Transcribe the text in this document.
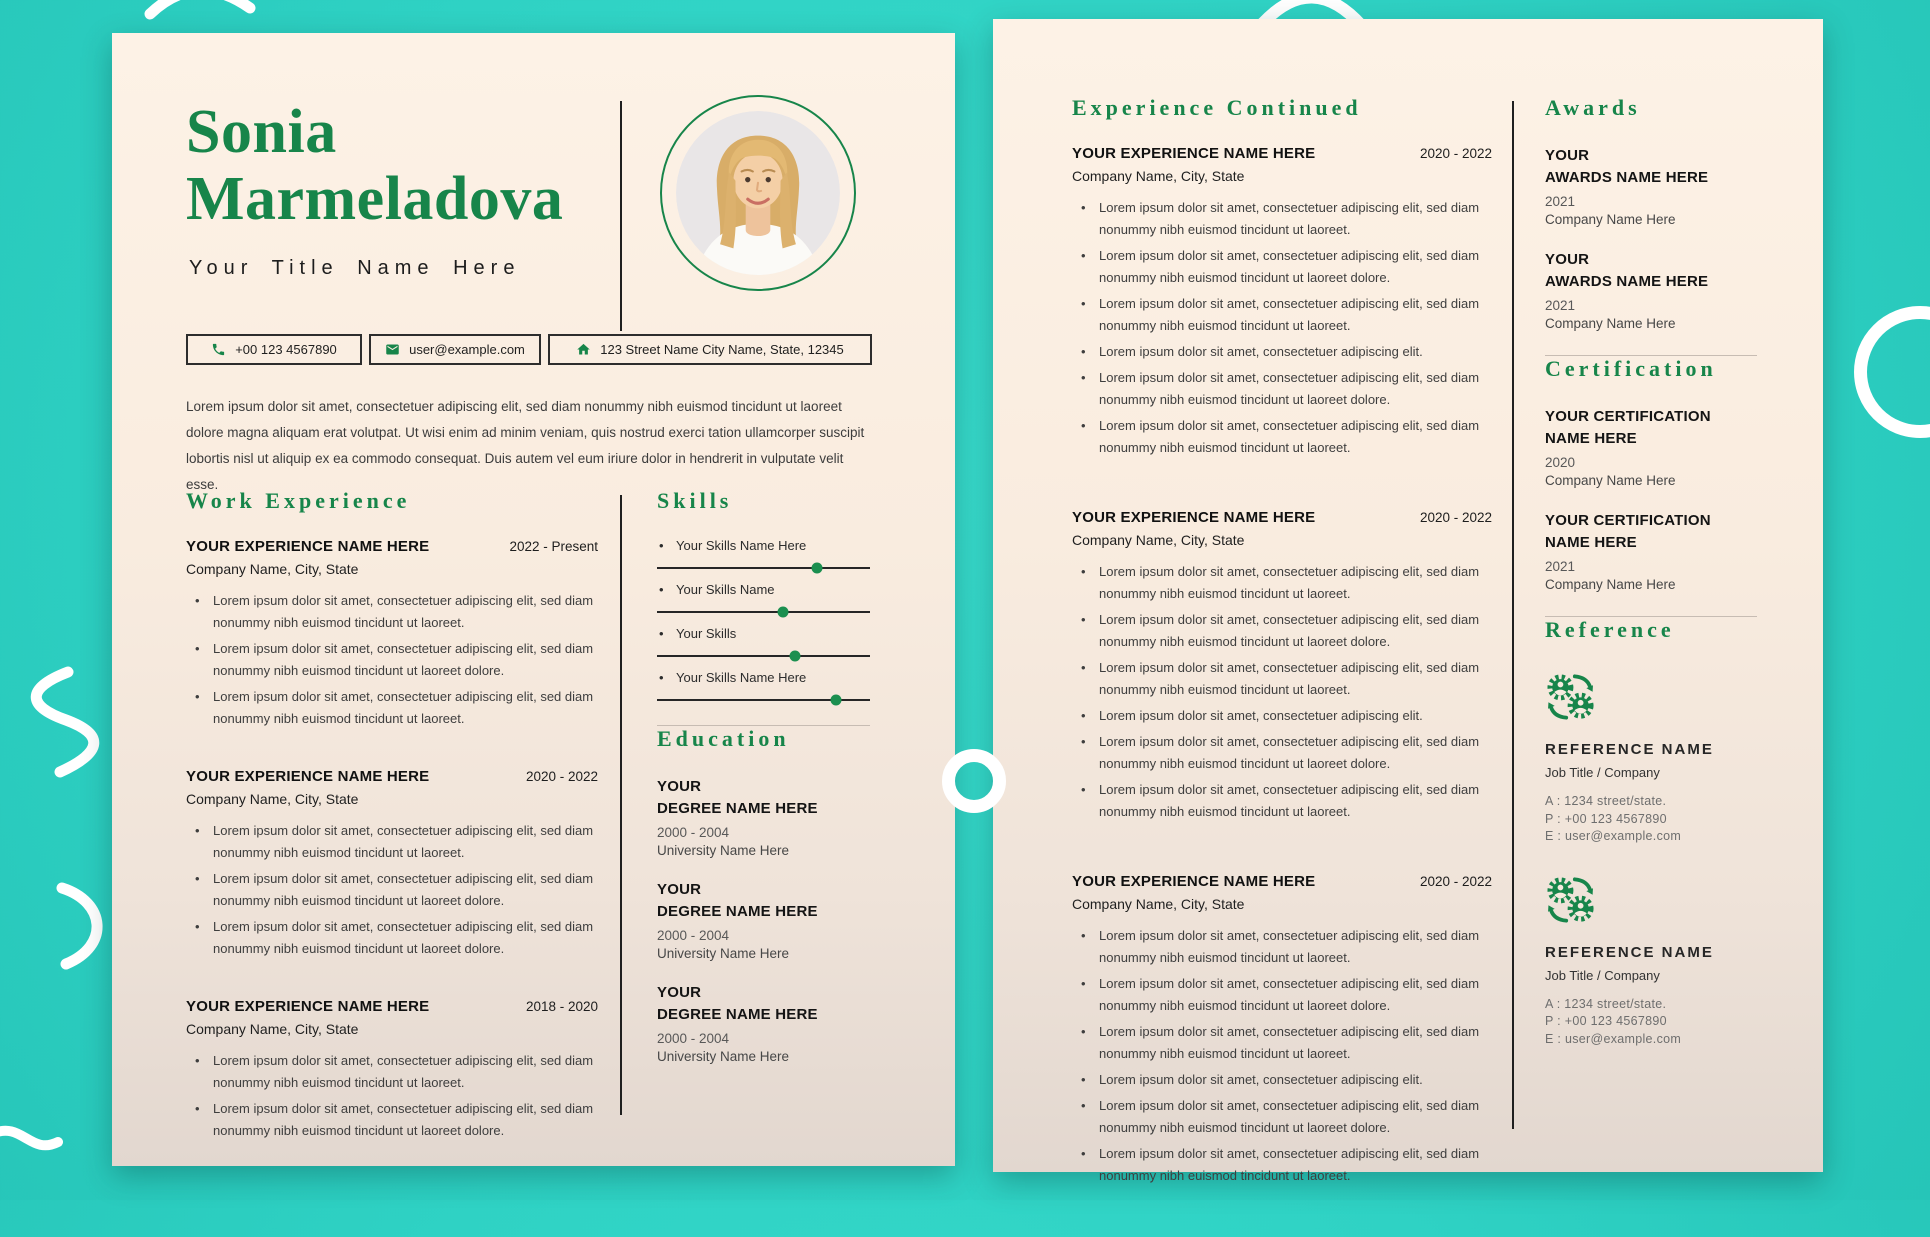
Sonia Marmeladova
Your Title Name Here
+00 123 4567890	user@example.com	123 Street Name City Name, State, 12345

Lorem ipsum dolor sit amet, consectetuer adipiscing elit, sed diam nonummy nibh euismod tincidunt ut laoreet dolore magna aliquam erat volutpat. Ut wisi enim ad minim veniam, quis nostrud exerci tation ullamcorper suscipit lobortis nisl ut aliquip ex ea commodo consequat. Duis autem vel eum iriure dolor in hendrerit in vulputate velit esse.

Work Experience
YOUR EXPERIENCE NAME HERE	2022 - Present
Company Name, City, State
• Lorem ipsum dolor sit amet, consectetuer adipiscing elit, sed diam nonummy nibh euismod tincidunt ut laoreet.
• Lorem ipsum dolor sit amet, consectetuer adipiscing elit, sed diam nonummy nibh euismod tincidunt ut laoreet dolore.
• Lorem ipsum dolor sit amet, consectetuer adipiscing elit, sed diam nonummy nibh euismod tincidunt ut laoreet.
YOUR EXPERIENCE NAME HERE	2020 - 2022
Company Name, City, State
• Lorem ipsum dolor sit amet, consectetuer adipiscing elit, sed diam nonummy nibh euismod tincidunt ut laoreet.
• Lorem ipsum dolor sit amet, consectetuer adipiscing elit, sed diam nonummy nibh euismod tincidunt ut laoreet dolore.
• Lorem ipsum dolor sit amet, consectetuer adipiscing elit, sed diam nonummy nibh euismod tincidunt ut laoreet dolore.
YOUR EXPERIENCE NAME HERE	2018 - 2020
Company Name, City, State
• Lorem ipsum dolor sit amet, consectetuer adipiscing elit, sed diam nonummy nibh euismod tincidunt ut laoreet.
• Lorem ipsum dolor sit amet, consectetuer adipiscing elit, sed diam nonummy nibh euismod tincidunt ut laoreet dolore.
Skills
• Your Skills Name Here
• Your Skills Name
• Your Skills
• Your Skills Name Here
Education
YOUR
DEGREE NAME HERE
2000 - 2004
University Name Here
YOUR
DEGREE NAME HERE
2000 - 2004
University Name Here
YOUR
DEGREE NAME HERE
2000 - 2004
University Name Here
Experience Continued
YOUR EXPERIENCE NAME HERE	2020 - 2022
Company Name, City, State
• Lorem ipsum dolor sit amet, consectetuer adipiscing elit, sed diam nonummy nibh euismod tincidunt ut laoreet.
• Lorem ipsum dolor sit amet, consectetuer adipiscing elit, sed diam nonummy nibh euismod tincidunt ut laoreet dolore.
• Lorem ipsum dolor sit amet, consectetuer adipiscing elit, sed diam nonummy nibh euismod tincidunt ut laoreet.
• Lorem ipsum dolor sit amet, consectetuer adipiscing elit.
• Lorem ipsum dolor sit amet, consectetuer adipiscing elit, sed diam nonummy nibh euismod tincidunt ut laoreet dolore.
• Lorem ipsum dolor sit amet, consectetuer adipiscing elit, sed diam nonummy nibh euismod tincidunt ut laoreet.
YOUR EXPERIENCE NAME HERE	2020 - 2022
Company Name, City, State
• Lorem ipsum dolor sit amet, consectetuer adipiscing elit, sed diam nonummy nibh euismod tincidunt ut laoreet.
• Lorem ipsum dolor sit amet, consectetuer adipiscing elit, sed diam nonummy nibh euismod tincidunt ut laoreet dolore.
• Lorem ipsum dolor sit amet, consectetuer adipiscing elit, sed diam nonummy nibh euismod tincidunt ut laoreet.
• Lorem ipsum dolor sit amet, consectetuer adipiscing elit.
• Lorem ipsum dolor sit amet, consectetuer adipiscing elit, sed diam nonummy nibh euismod tincidunt ut laoreet dolore.
• Lorem ipsum dolor sit amet, consectetuer adipiscing elit, sed diam nonummy nibh euismod tincidunt ut laoreet.
YOUR EXPERIENCE NAME HERE	2020 - 2022
Company Name, City, State
• Lorem ipsum dolor sit amet, consectetuer adipiscing elit, sed diam nonummy nibh euismod tincidunt ut laoreet.
• Lorem ipsum dolor sit amet, consectetuer adipiscing elit, sed diam nonummy nibh euismod tincidunt ut laoreet dolore.
• Lorem ipsum dolor sit amet, consectetuer adipiscing elit, sed diam nonummy nibh euismod tincidunt ut laoreet.
• Lorem ipsum dolor sit amet, consectetuer adipiscing elit.
• Lorem ipsum dolor sit amet, consectetuer adipiscing elit, sed diam nonummy nibh euismod tincidunt ut laoreet dolore.
• Lorem ipsum dolor sit amet, consectetuer adipiscing elit, sed diam nonummy nibh euismod tincidunt ut laoreet.
Awards
YOUR
AWARDS NAME HERE
2021
Company Name Here
YOUR
AWARDS NAME HERE
2021
Company Name Here
Certification
YOUR CERTIFICATION
NAME HERE
2020
Company Name Here
YOUR CERTIFICATION
NAME HERE
2021
Company Name Here
Reference
REFERENCE NAME
Job Title / Company
A : 1234 street/state.
P : +00 123 4567890
E : user@example.com
REFERENCE NAME
Job Title / Company
A : 1234 street/state.
P : +00 123 4567890
E : user@example.com
